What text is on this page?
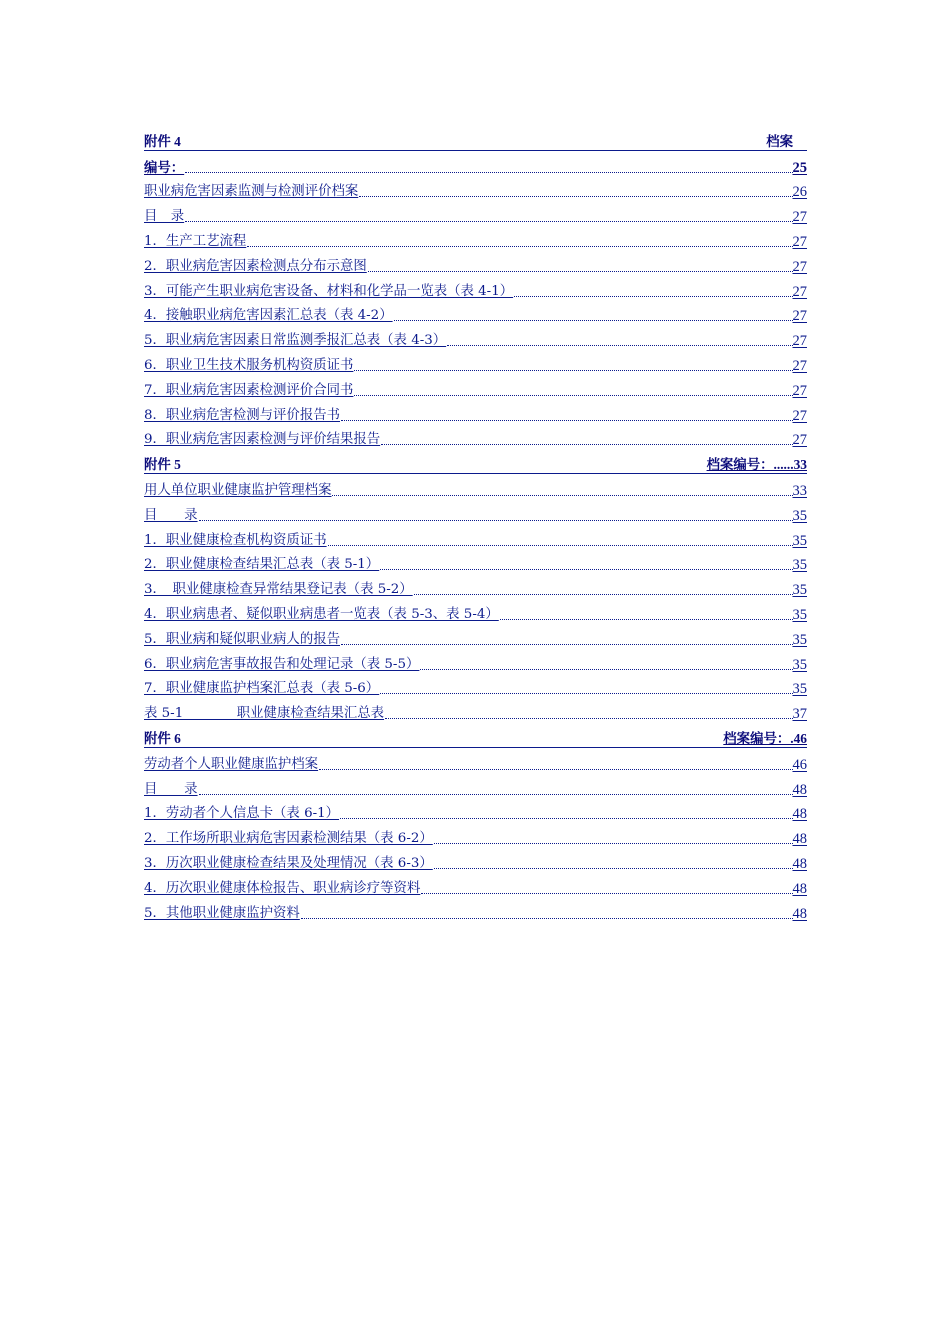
附件 4	档案
编号：	25
职业病危害因素监测与检测评价档案	26
目　录	27
1．生产工艺流程	27
2．职业病危害因素检测点分布示意图	27
3．可能产生职业病危害设备、材料和化学品一览表（表 4-1）	27
4．接触职业病危害因素汇总表（表 4-2）	27
5．职业病危害因素日常监测季报汇总表（表 4-3）	27
6．职业卫生技术服务机构资质证书	27
7．职业病危害因素检测评价合同书	27
8．职业病危害检测与评价报告书	27
9．职业病危害因素检测与评价结果报告	27
附件 5	档案编号：......33
用人单位职业健康监护管理档案	33
目　　录	35
1．职业健康检查机构资质证书	35
2．职业健康检查结果汇总表（表 5-1）	35
3．　职业健康检查异常结果登记表（表 5-2）	35
4．职业病患者、疑似职业病患者一览表（表 5-3、表 5-4）	35
5．职业病和疑似职业病人的报告	35
6．职业病危害事故报告和处理记录（表 5-5）	35
7．职业健康监护档案汇总表（表 5-6）	35
表 5-1　　　　职业健康检查结果汇总表	37
附件 6	档案编号：.46
劳动者个人职业健康监护档案	46
目　　录	48
1．劳动者个人信息卡（表 6-1）	48
2．工作场所职业病危害因素检测结果（表 6-2）	48
3．历次职业健康检查结果及处理情况（表 6-3）	48
4．历次职业健康体检报告、职业病诊疗等资料	48
5．其他职业健康监护资料	48
